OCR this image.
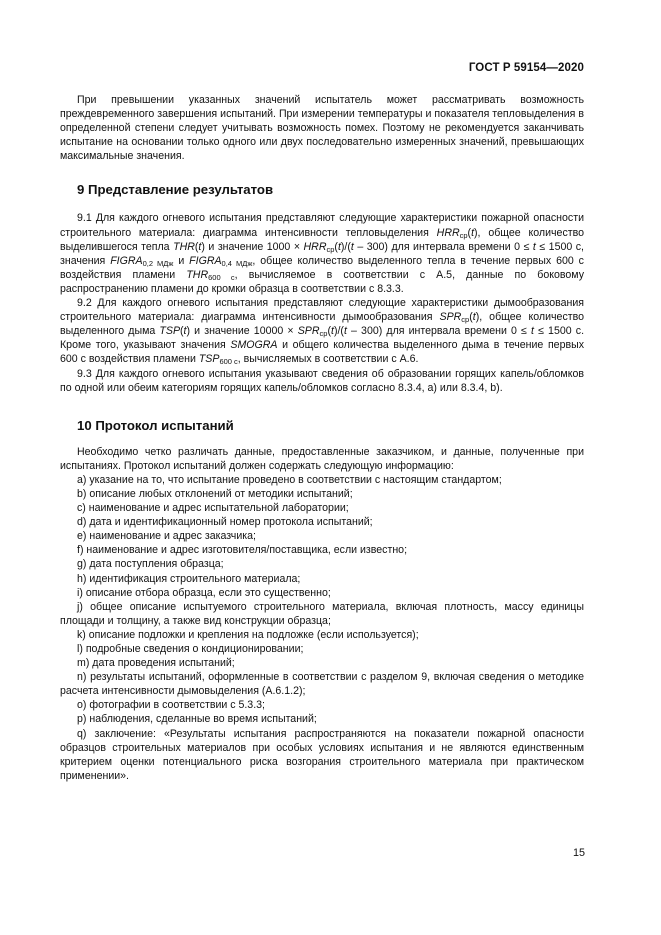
ГОСТ Р 59154—2020

При превышении указанных значений испытатель может рассматривать возможность преждевременного завершения испытаний. При измерении температуры и показателя тепловыделения в определенной степени следует учитывать возможность помех. Поэтому не рекомендуется заканчивать испытание на основании только одного или двух последовательно измеренных значений, превышающих максимальные значения.

9 Представление результатов

9.1 Для каждого огневого испытания представляют следующие характеристики пожарной опасности строительного материала: диаграмма интенсивности тепловыделения $HRR_{ср}(t)$, общее количество выделившегося тепла THR(t) и значение $1000 \times HRR_{ср}(t)/(t - 300)$ для интервала времени 0 ≤ t ≤ 1500 с, значения $FIGRA_{0,2 МДж}$ и $FIGRA_{0,4 МДж}$, общее количество выделенного тепла в течение первых 600 с воздействия пламени $THR_{600 с}$, вычисляемое в соответствии с А.5, данные по боковому распространению пламени до кромки образца в соответствии с 8.3.3.

9.2 Для каждого огневого испытания представляют следующие характеристики дымообразования строительного материала: диаграмма интенсивности дымообразования $SPR_{ср}(t)$, общее количество выделенного дыма TSP(t) и значение $10000 \times SPR_{ср}(t)/(t - 300)$ для интервала времени 0 ≤ t ≤ 1500 с. Кроме того, указывают значения SMOGRA и общего количества выделенного дыма в течение первых 600 с воздействия пламени $TSP_{600 с}$, вычисляемых в соответствии с А.6.

9.3 Для каждого огневого испытания указывают сведения об образовании горящих капель/обломков по одной или обеим категориям горящих капель/обломков согласно 8.3.4, а) или 8.3.4, b).

10 Протокол испытаний

Необходимо четко различать данные, предоставленные заказчиком, и данные, полученные при испытаниях. Протокол испытаний должен содержать следующую информацию:

а) указание на то, что испытание проведено в соответствии с настоящим стандартом;
b) описание любых отклонений от методики испытаний;
c) наименование и адрес испытательной лаборатории;
d) дата и идентификационный номер протокола испытаний;
e) наименование и адрес заказчика;
f) наименование и адрес изготовителя/поставщика, если известно;
g) дата поступления образца;
h) идентификация строительного материала;
i) описание отбора образца, если это существенно;
j) общее описание испытуемого строительного материала, включая плотность, массу единицы площади и толщину, а также вид конструкции образца;
k) описание подложки и крепления на подложке (если используется);
l) подробные сведения о кондиционировании;
m) дата проведения испытаний;
n) результаты испытаний, оформленные в соответствии с разделом 9, включая сведения о методике расчета интенсивности дымовыделения (А.6.1.2);
o) фотографии в соответствии с 5.3.3;
p) наблюдения, сделанные во время испытаний;
q) заключение: «Результаты испытания распространяются на показатели пожарной опасности образцов строительных материалов при особых условиях испытания и не являются единственным критерием оценки потенциального риска возгорания строительного материала при практическом применении».
15
